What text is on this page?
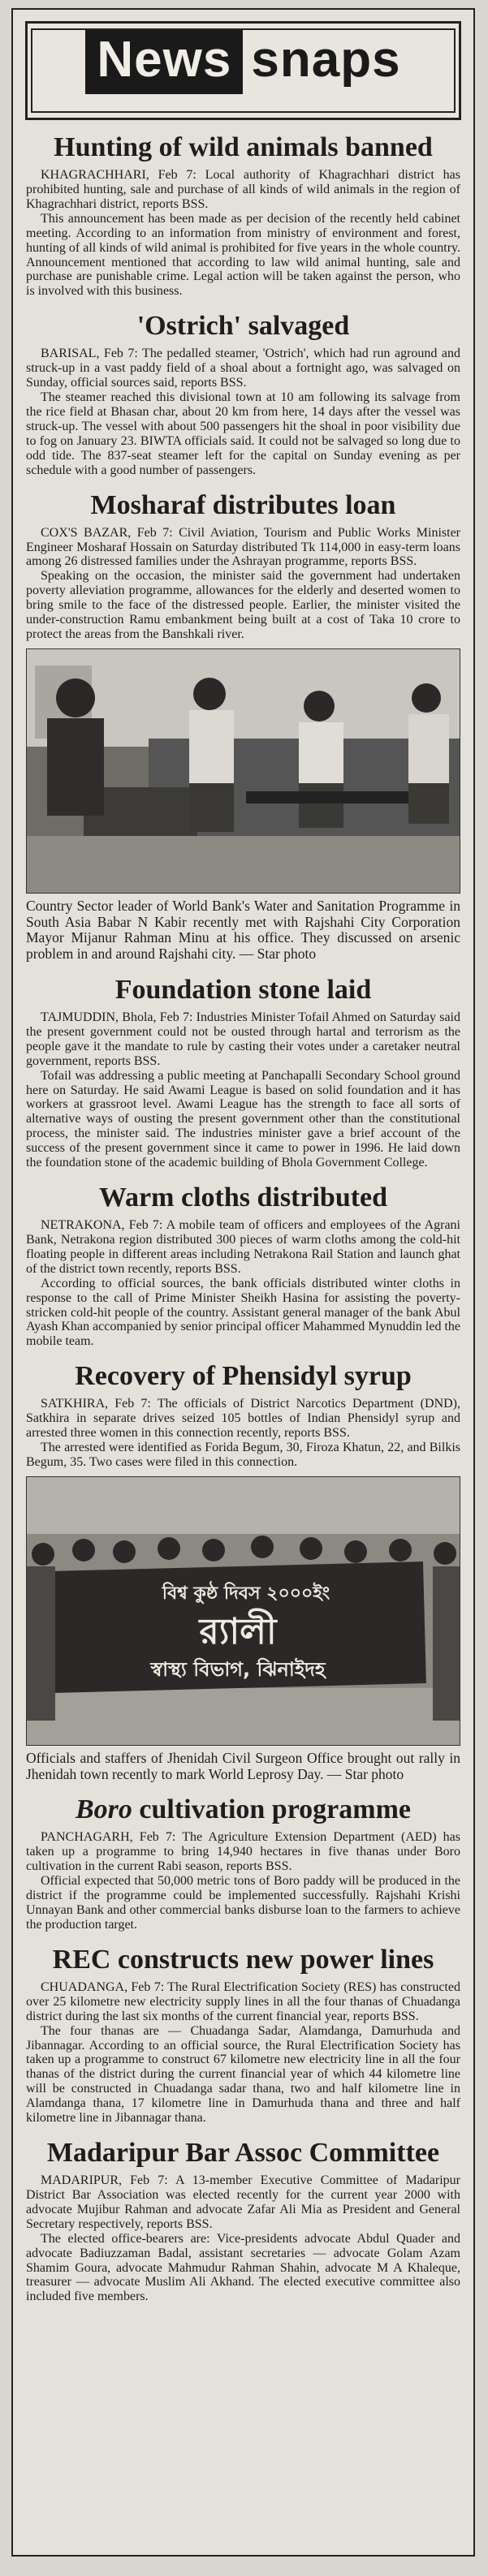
News snaps
Hunting of wild animals banned

KHAGRACHHARI, Feb 7: Local authority of Khagrachhari district has prohibited hunting, sale and purchase of all kinds of wild animals in the region of Khagrachhari district, reports BSS.

This announcement has been made as per decision of the recently held cabinet meeting. According to an information from ministry of environment and forest, hunting of all kinds of wild animal is prohibited for five years in the whole country. Announcement mentioned that according to law wild animal hunting, sale and purchase are punishable crime. Legal action will be taken against the person, who is involved with this business.

'Ostrich' salvaged

BARISAL, Feb 7: The pedalled steamer, 'Ostrich', which had run aground and struck-up in a vast paddy field of a shoal about a fortnight ago, was salvaged on Sunday, official sources said, reports BSS.

The steamer reached this divisional town at 10 am following its salvage from the rice field at Bhasan char, about 20 km from here, 14 days after the vessel was struck-up. The vessel with about 500 passengers hit the shoal in poor visibility due to fog on January 23. BIWTA officials said. It could not be salvaged so long due to odd tide. The 837-seat steamer left for the capital on Sunday evening as per schedule with a good number of passengers.

Mosharaf distributes loan

COX'S BAZAR, Feb 7: Civil Aviation, Tourism and Public Works Minister Engineer Mosharaf Hossain on Saturday distributed Tk 114,000 in easy-term loans among 26 distressed families under the Ashrayan programme, reports BSS.

Speaking on the occasion, the minister said the government had undertaken poverty alleviation programme, allowances for the elderly and deserted women to bring smile to the face of the distressed people. Earlier, the minister visited the under-construction Ramu embankment being built at a cost of Taka 10 crore to protect the areas from the Banshkali river.

Country Sector leader of World Bank's Water and Sanitation Programme in South Asia Babar N Kabir recently met with Rajshahi City Corporation Mayor Mijanur Rahman Minu at his office. They discussed on arsenic problem in and around Rajshahi city. — Star photo
Foundation stone laid

TAJMUDDIN, Bhola, Feb 7: Industries Minister Tofail Ahmed on Saturday said the present government could not be ousted through hartal and terrorism as the people gave it the mandate to rule by casting their votes under a caretaker neutral government, reports BSS.

Tofail was addressing a public meeting at Panchapalli Secondary School ground here on Saturday. He said Awami League is based on solid foundation and it has workers at grassroot level. Awami League has the strength to face all sorts of alternative ways of ousting the present government other than the constitutional process, the minister said. The industries minister gave a brief account of the success of the present government since it came to power in 1996. He laid down the foundation stone of the academic building of Bhola Government College.

Warm cloths distributed

NETRAKONA, Feb 7: A mobile team of officers and employees of the Agrani Bank, Netrakona region distributed 300 pieces of warm cloths among the cold-hit floating people in different areas including Netrakona Rail Station and launch ghat of the district town recently, reports BSS.

According to official sources, the bank officials distributed winter cloths in response to the call of Prime Minister Sheikh Hasina for assisting the poverty-stricken cold-hit people of the country. Assistant general manager of the bank Abul Ayash Khan accompanied by senior principal officer Mahammed Mynuddin led the mobile team.

Recovery of Phensidyl syrup

SATKHIRA, Feb 7: The officials of District Narcotics Department (DND), Satkhira in separate drives seized 105 bottles of Indian Phensidyl syrup and arrested three women in this connection recently, reports BSS.

The arrested were identified as Forida Begum, 30, Firoza Khatun, 22, and Bilkis Begum, 35. Two cases were filed in this connection.

বিশ্ব কুষ্ঠ দিবস ২০০০ইং
র‌্যালী
স্বাস্থ্য বিভাগ, ঝিনাইদহ
Officials and staffers of Jhenidah Civil Surgeon Office brought out rally in Jhenidah town recently to mark World Leprosy Day. — Star photo
Boro cultivation programme

PANCHAGARH, Feb 7: The Agriculture Extension Department (AED) has taken up a programme to bring 14,940 hectares in five thanas under Boro cultivation in the current Rabi season, reports BSS.

Official expected that 50,000 metric tons of Boro paddy will be produced in the district if the programme could be implemented successfully. Rajshahi Krishi Unnayan Bank and other commercial banks disburse loan to the farmers to achieve the production target.

REC constructs new power lines

CHUADANGA, Feb 7: The Rural Electrification Society (RES) has constructed over 25 kilometre new electricity supply lines in all the four thanas of Chuadanga district during the last six months of the current financial year, reports BSS.

The four thanas are — Chuadanga Sadar, Alamdanga, Damurhuda and Jibannagar. According to an official source, the Rural Electrification Society has taken up a programme to construct 67 kilometre new electricity line in all the four thanas of the district during the current financial year of which 44 kilometre line will be constructed in Chuadanga sadar thana, two and half kilometre line in Alamdanga thana, 17 kilometre line in Damurhuda thana and three and half kilometre line in Jibannagar thana.

Madaripur Bar Assoc Committee

MADARIPUR, Feb 7: A 13-member Executive Committee of Madaripur District Bar Association was elected recently for the current year 2000 with advocate Mujibur Rahman and advocate Zafar Ali Mia as President and General Secretary respectively, reports BSS.

The elected office-bearers are: Vice-presidents advocate Abdul Quader and advocate Badiuzzaman Badal, assistant secretaries — advocate Golam Azam Shamim Goura, advocate Mahmudur Rahman Shahin, advocate M A Khaleque, treasurer — advocate Muslim Ali Akhand. The elected executive committee also included five members.
